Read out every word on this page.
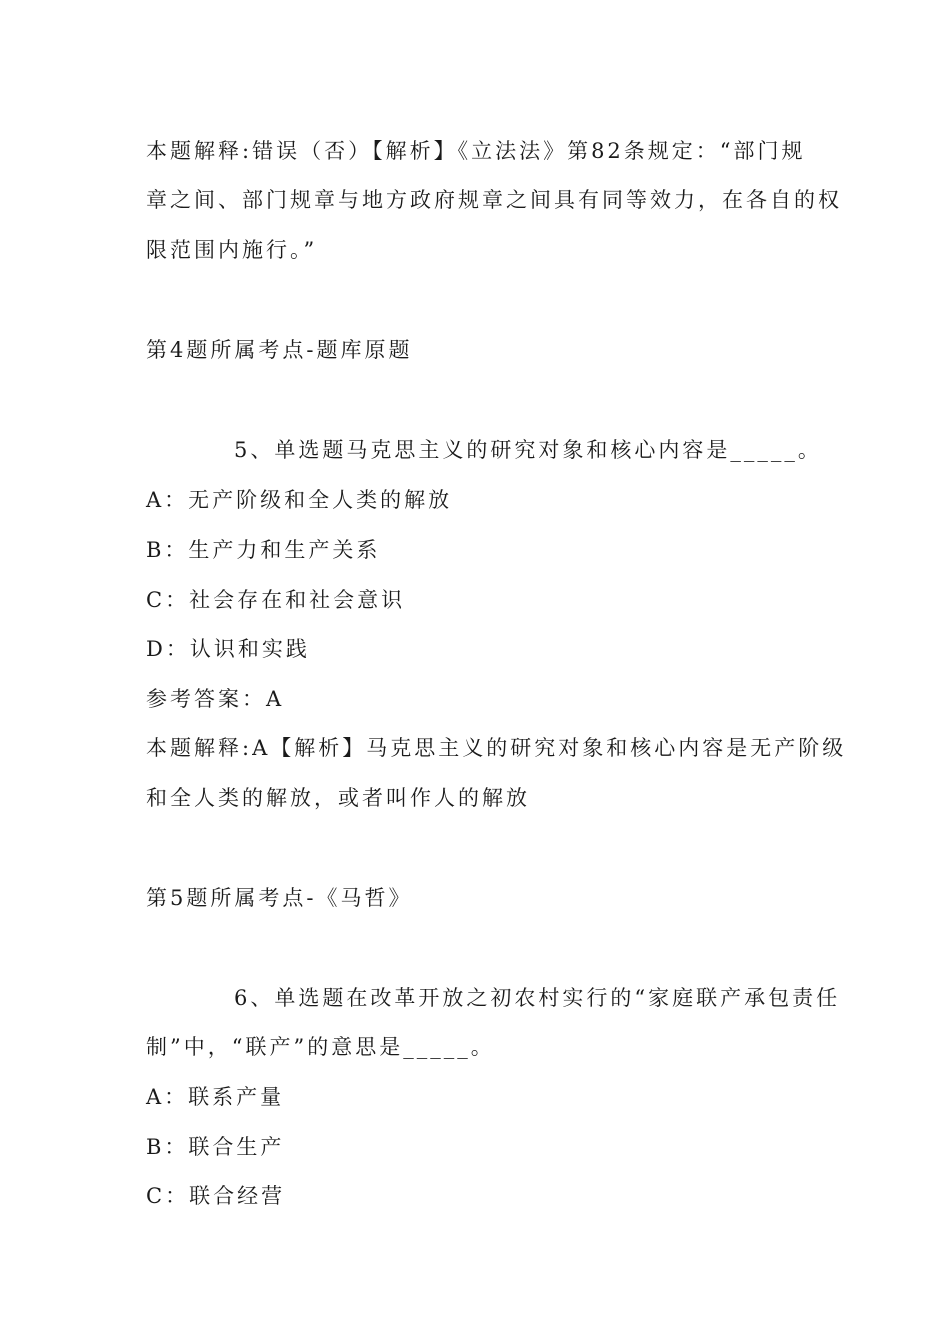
本题解释:错误（否）【解析】《立法法》第82条规定：“部门规
章之间、部门规章与地方政府规章之间具有同等效力，在各自的权
限范围内施行。”
第4题所属考点-题库原题
5、单选题马克思主义的研究对象和核心内容是_____。
A：无产阶级和全人类的解放
B：生产力和生产关系
C：社会存在和社会意识
D：认识和实践
参考答案：A
本题解释:A【解析】马克思主义的研究对象和核心内容是无产阶级
和全人类的解放，或者叫作人的解放
第5题所属考点-《马哲》
6、单选题在改革开放之初农村实行的“家庭联产承包责任
制”中，“联产”的意思是_____。
A：联系产量
B：联合生产
C：联合经营
